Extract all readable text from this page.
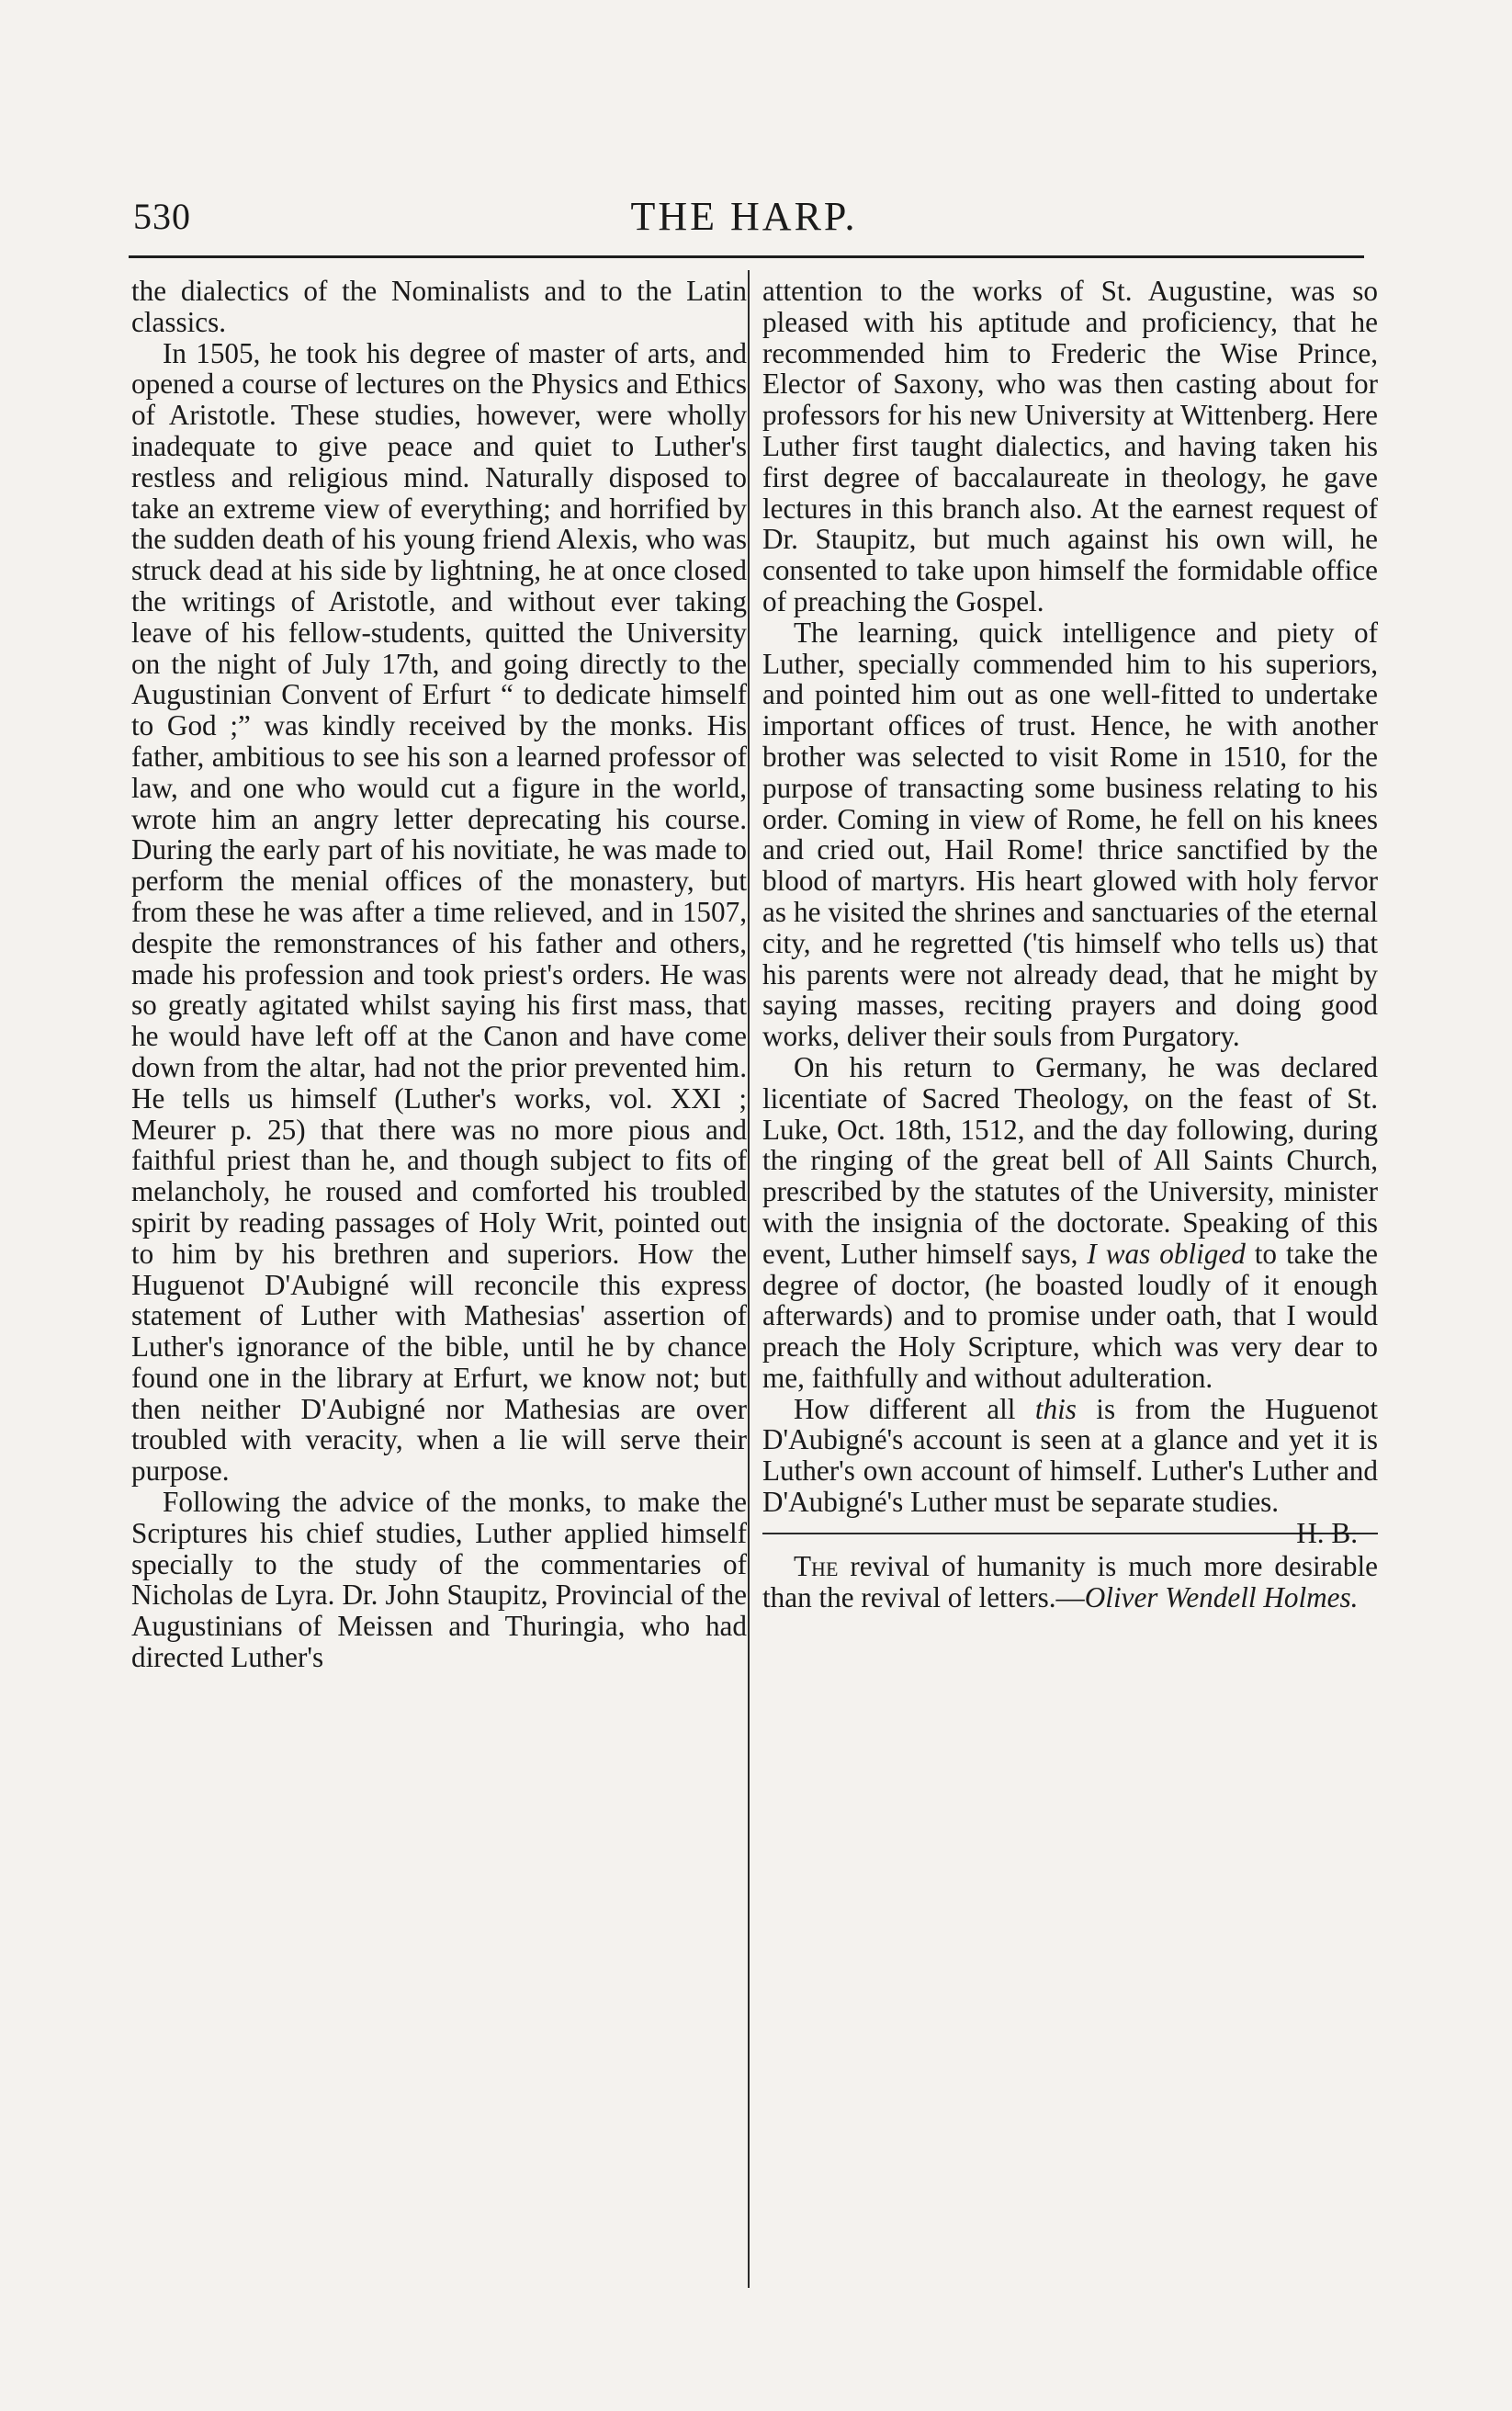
530	THE HARP.

the dialectics of the Nominalists and to the Latin classics.

In 1505, he took his degree of master of arts, and opened a course of lectures on the Physics and Ethics of Aristotle. These studies, however, were wholly inadequate to give peace and quiet to Luther's restless and religious mind. Naturally disposed to take an extreme view of everything; and horrified by the sudden death of his young friend Alexis, who was struck dead at his side by lightning, he at once closed the writings of Aristotle, and without ever taking leave of his fellow-students, quitted the University on the night of July 17th, and going directly to the Augustinian Convent of Erfurt “ to dedicate himself to God ;” was kindly received by the monks. His father, ambitious to see his son a learned professor of law, and one who would cut a figure in the world, wrote him an angry letter deprecating his course. During the early part of his novitiate, he was made to perform the menial offices of the monastery, but from these he was after a time relieved, and in 1507, despite the remonstrances of his father and others, made his profession and took priest's orders. He was so greatly agitated whilst saying his first mass, that he would have left off at the Canon and have come down from the altar, had not the prior prevented him. He tells us himself (Luther's works, vol. XXI ; Meurer p. 25) that there was no more pious and faithful priest than he, and though subject to fits of melancholy, he roused and comforted his troubled spirit by reading passages of Holy Writ, pointed out to him by his brethren and superiors. How the Huguenot D'Aubigné will reconcile this express statement of Luther with Mathesias' assertion of Luther's ignorance of the bible, until he by chance found one in the library at Erfurt, we know not; but then neither D'Aubigné nor Mathesias are over troubled with veracity, when a lie will serve their purpose.

Following the advice of the monks, to make the Scriptures his chief studies, Luther applied himself specially to the study of the commentaries of Nicholas de Lyra. Dr. John Staupitz, Provincial of the Augustinians of Meissen and Thuringia, who had directed Luther's

attention to the works of St. Augustine, was so pleased with his aptitude and proficiency, that he recommended him to Frederic the Wise Prince, Elector of Saxony, who was then casting about for professors for his new University at Wittenberg. Here Luther first taught dialectics, and having taken his first degree of baccalaureate in theology, he gave lectures in this branch also. At the earnest request of Dr. Staupitz, but much against his own will, he consented to take upon himself the formidable office of preaching the Gospel.

The learning, quick intelligence and piety of Luther, specially commended him to his superiors, and pointed him out as one well-fitted to undertake important offices of trust. Hence, he with another brother was selected to visit Rome in 1510, for the purpose of transacting some business relating to his order. Coming in view of Rome, he fell on his knees and cried out, Hail Rome! thrice sanctified by the blood of martyrs. His heart glowed with holy fervor as he visited the shrines and sanctuaries of the eternal city, and he regretted ('tis himself who tells us) that his parents were not already dead, that he might by saying masses, reciting prayers and doing good works, deliver their souls from Purgatory.

On his return to Germany, he was declared licentiate of Sacred Theology, on the feast of St. Luke, Oct. 18th, 1512, and the day following, during the ringing of the great bell of All Saints Church, prescribed by the statutes of the University, minister with the insignia of the doctorate. Speaking of this event, Luther himself says, I was obliged to take the degree of doctor, (he boasted loudly of it enough afterwards) and to promise under oath, that I would preach the Holy Scripture, which was very dear to me, faithfully and without adulteration.

How different all this is from the Huguenot D'Aubigné's account is seen at a glance and yet it is Luther's own account of himself. Luther's Luther and D'Aubigné's Luther must be separate studies.
H. B.

The revival of humanity is much more desirable than the revival of letters.—Oliver Wendell Holmes.
